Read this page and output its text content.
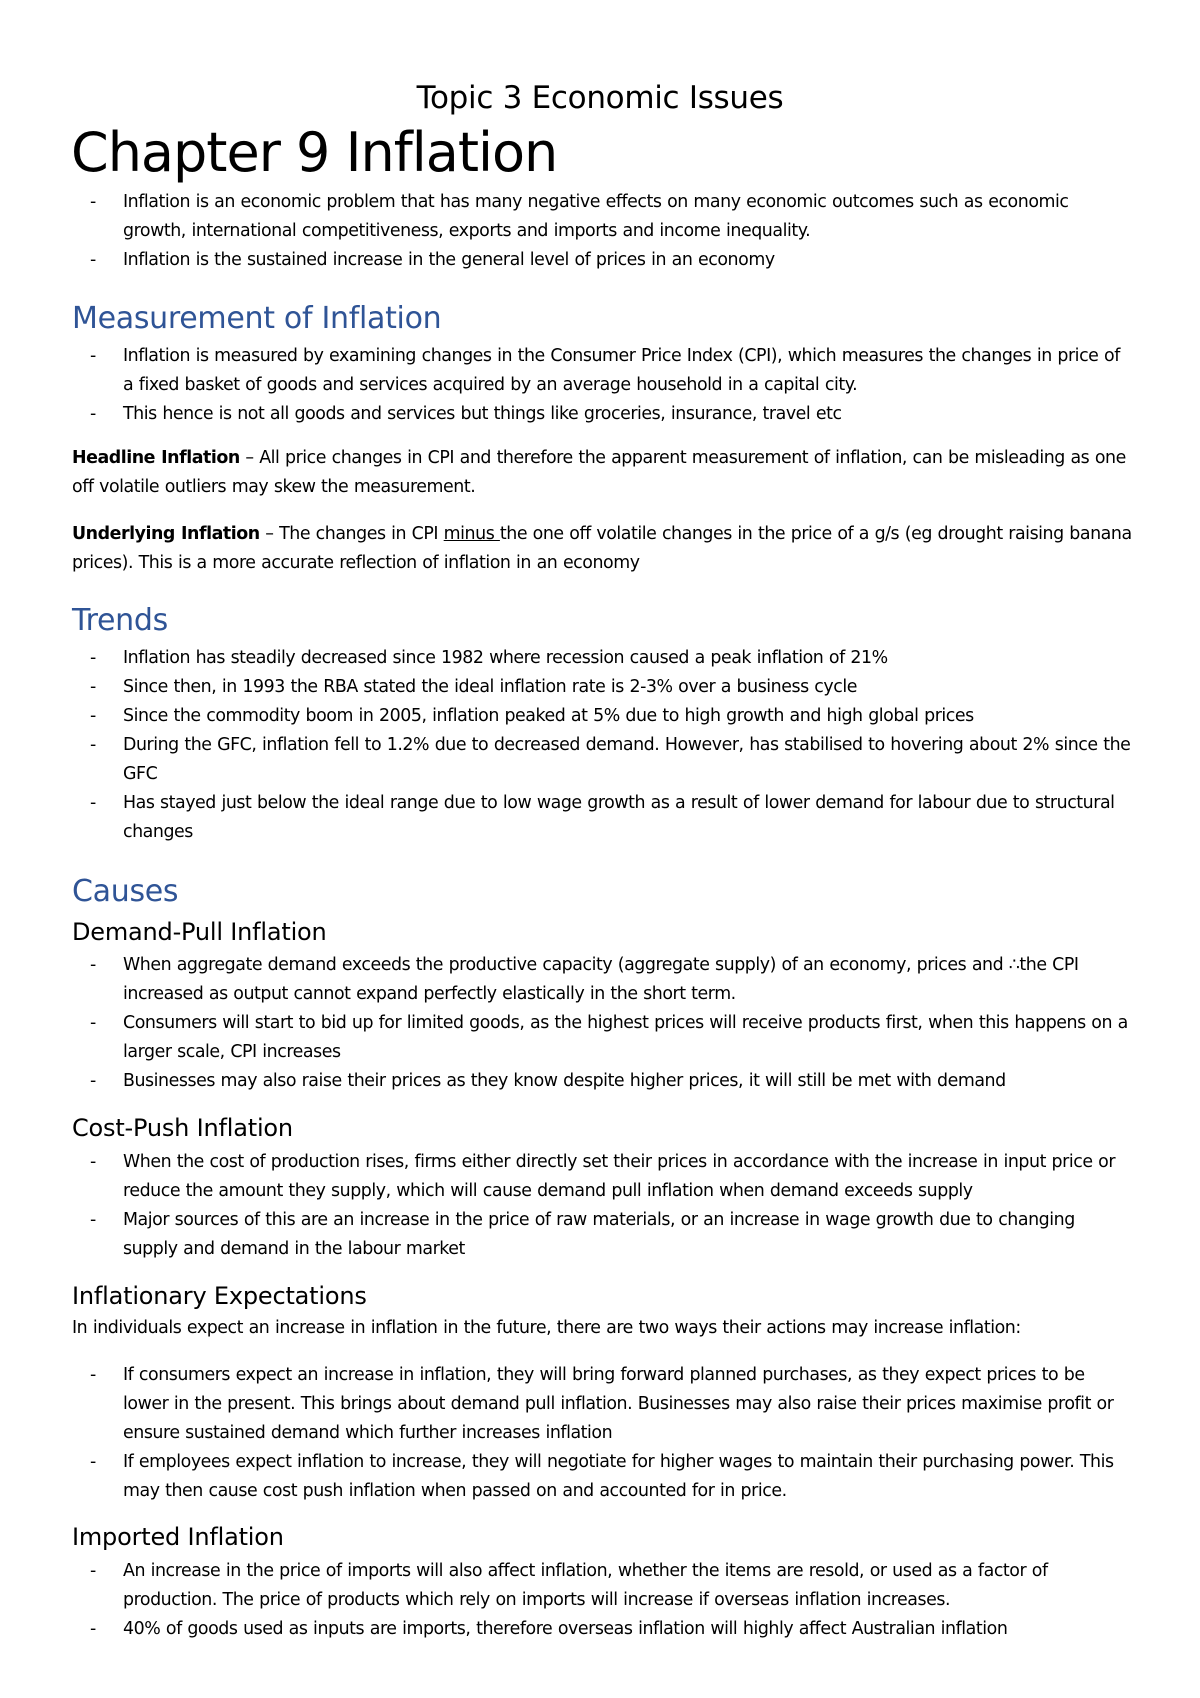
Topic 3 Economic Issues
Chapter 9 Inflation
- Inflation is an economic problem that has many negative effects on many economic outcomes such as economic growth, international competitiveness, exports and imports and income inequality.
- Inflation is the sustained increase in the general level of prices in an economy
Measurement of Inflation
- Inflation is measured by examining changes in the Consumer Price Index (CPI), which measures the changes in price of a fixed basket of goods and services acquired by an average household in a capital city.
- This hence is not all goods and services but things like groceries, insurance, travel etc
Headline Inflation – All price changes in CPI and therefore the apparent measurement of inflation, can be misleading as one off volatile outliers may skew the measurement.
Underlying Inflation – The changes in CPI minus the one off volatile changes in the price of a g/s (eg drought raising banana prices). This is a more accurate reflection of inflation in an economy
Trends
- Inflation has steadily decreased since 1982 where recession caused a peak inflation of 21%
- Since then, in 1993 the RBA stated the ideal inflation rate is 2-3% over a business cycle
- Since the commodity boom in 2005, inflation peaked at 5% due to high growth and high global prices
- During the GFC, inflation fell to 1.2% due to decreased demand. However, has stabilised to hovering about 2% since the GFC
- Has stayed just below the ideal range due to low wage growth as a result of lower demand for labour due to structural changes
Causes
Demand-Pull Inflation
- When aggregate demand exceeds the productive capacity (aggregate supply) of an economy, prices and ∴the CPI increased as output cannot expand perfectly elastically in the short term.
- Consumers will start to bid up for limited goods, as the highest prices will receive products first, when this happens on a larger scale, CPI increases
- Businesses may also raise their prices as they know despite higher prices, it will still be met with demand
Cost-Push Inflation
- When the cost of production rises, firms either directly set their prices in accordance with the increase in input price or reduce the amount they supply, which will cause demand pull inflation when demand exceeds supply
- Major sources of this are an increase in the price of raw materials, or an increase in wage growth due to changing supply and demand in the labour market
Inflationary Expectations
In individuals expect an increase in inflation in the future, there are two ways their actions may increase inflation:
- If consumers expect an increase in inflation, they will bring forward planned purchases, as they expect prices to be lower in the present. This brings about demand pull inflation. Businesses may also raise their prices maximise profit or ensure sustained demand which further increases inflation
- If employees expect inflation to increase, they will negotiate for higher wages to maintain their purchasing power. This may then cause cost push inflation when passed on and accounted for in price.
Imported Inflation
- An increase in the price of imports will also affect inflation, whether the items are resold, or used as a factor of production. The price of products which rely on imports will increase if overseas inflation increases.
- 40% of goods used as inputs are imports, therefore overseas inflation will highly affect Australian inflation
